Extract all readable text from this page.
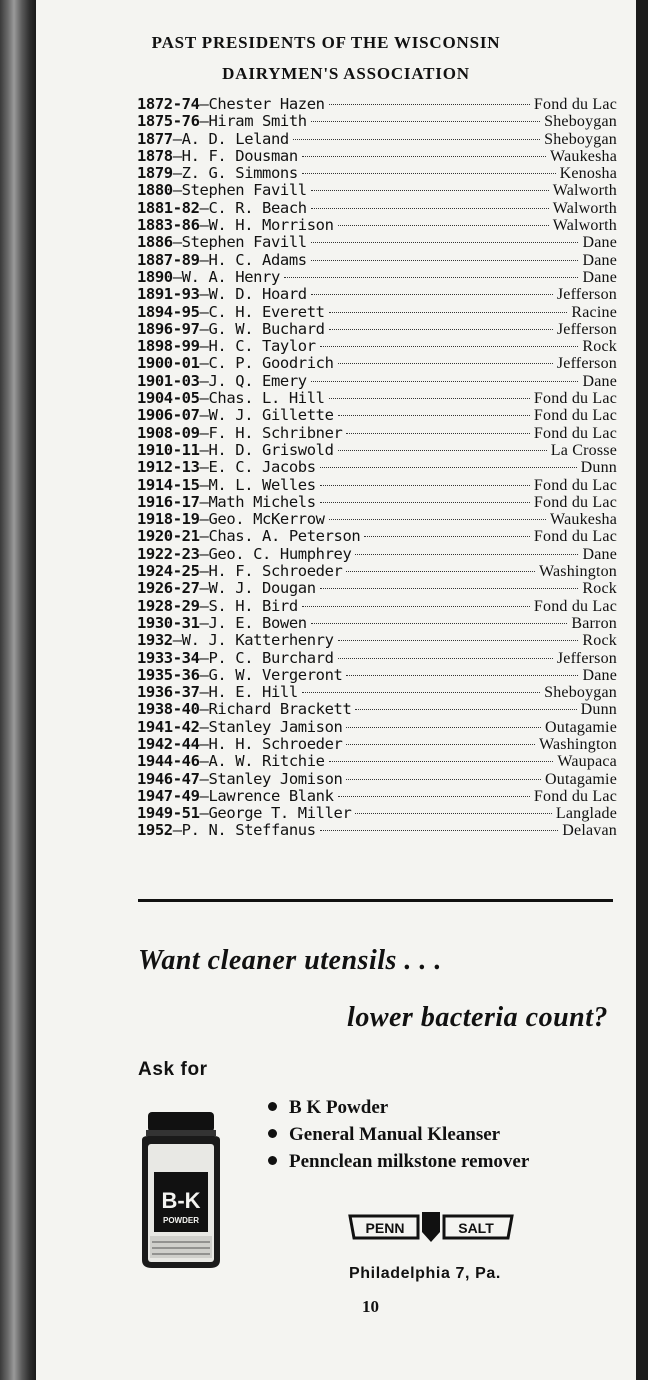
PAST PRESIDENTS OF THE WISCONSIN
DAIRYMEN'S ASSOCIATION
1872-74 —Chester Hazen	Fond du Lac
1875-76 —Hiram Smith	Sheboygan
1877 —A. D. Leland	Sheboygan
1878 —H. F. Dousman	Waukesha
1879 —Z. G. Simmons	Kenosha
1880 —Stephen Favill	Walworth
1881-82 —C. R. Beach	Walworth
1883-86 —W. H. Morrison	Walworth
1886 —Stephen Favill	Dane
1887-89 —H. C. Adams	Dane
1890 —W. A. Henry	Dane
1891-93 —W. D. Hoard	Jefferson
1894-95 —C. H. Everett	Racine
1896-97 —G. W. Buchard	Jefferson
1898-99 —H. C. Taylor	Rock
1900-01 —C. P. Goodrich	Jefferson
1901-03 —J. Q. Emery	Dane
1904-05 —Chas. L. Hill	Fond du Lac
1906-07 —W. J. Gillette	Fond du Lac
1908-09 —F. H. Schribner	Fond du Lac
1910-11 —H. D. Griswold	La Crosse
1912-13 —E. C. Jacobs	Dunn
1914-15 —M. L. Welles	Fond du Lac
1916-17 —Math Michels	Fond du Lac
1918-19 —Geo. McKerrow	Waukesha
1920-21 —Chas. A. Peterson	Fond du Lac
1922-23 —Geo. C. Humphrey	Dane
1924-25 —H. F. Schroeder	Washington
1926-27 —W. J. Dougan	Rock
1928-29 —S. H. Bird	Fond du Lac
1930-31 —J. E. Bowen	Barron
1932 —W. J. Katterhenry	Rock
1933-34 —P. C. Burchard	Jefferson
1935-36 —G. W. Vergeront	Dane
1936-37 —H. E. Hill	Sheboygan
1938-40 —Richard Brackett	Dunn
1941-42 —Stanley Jamison	Outagamie
1942-44 —H. H. Schroeder	Washington
1944-46 —A. W. Ritchie	Waupaca
1946-47 —Stanley Jomison	Outagamie
1947-49 —Lawrence Blank	Fond du Lac
1949-51 —George T. Miller	Langlade
1952 —P. N. Steffanus	Delavan
Want cleaner utensils . . .
lower bacteria count?
Ask for
B K Powder
General Manual Kleanser
Pennclean milkstone remover
B-K
POWDER	PENN	SALT
Philadelphia 7, Pa.
10
